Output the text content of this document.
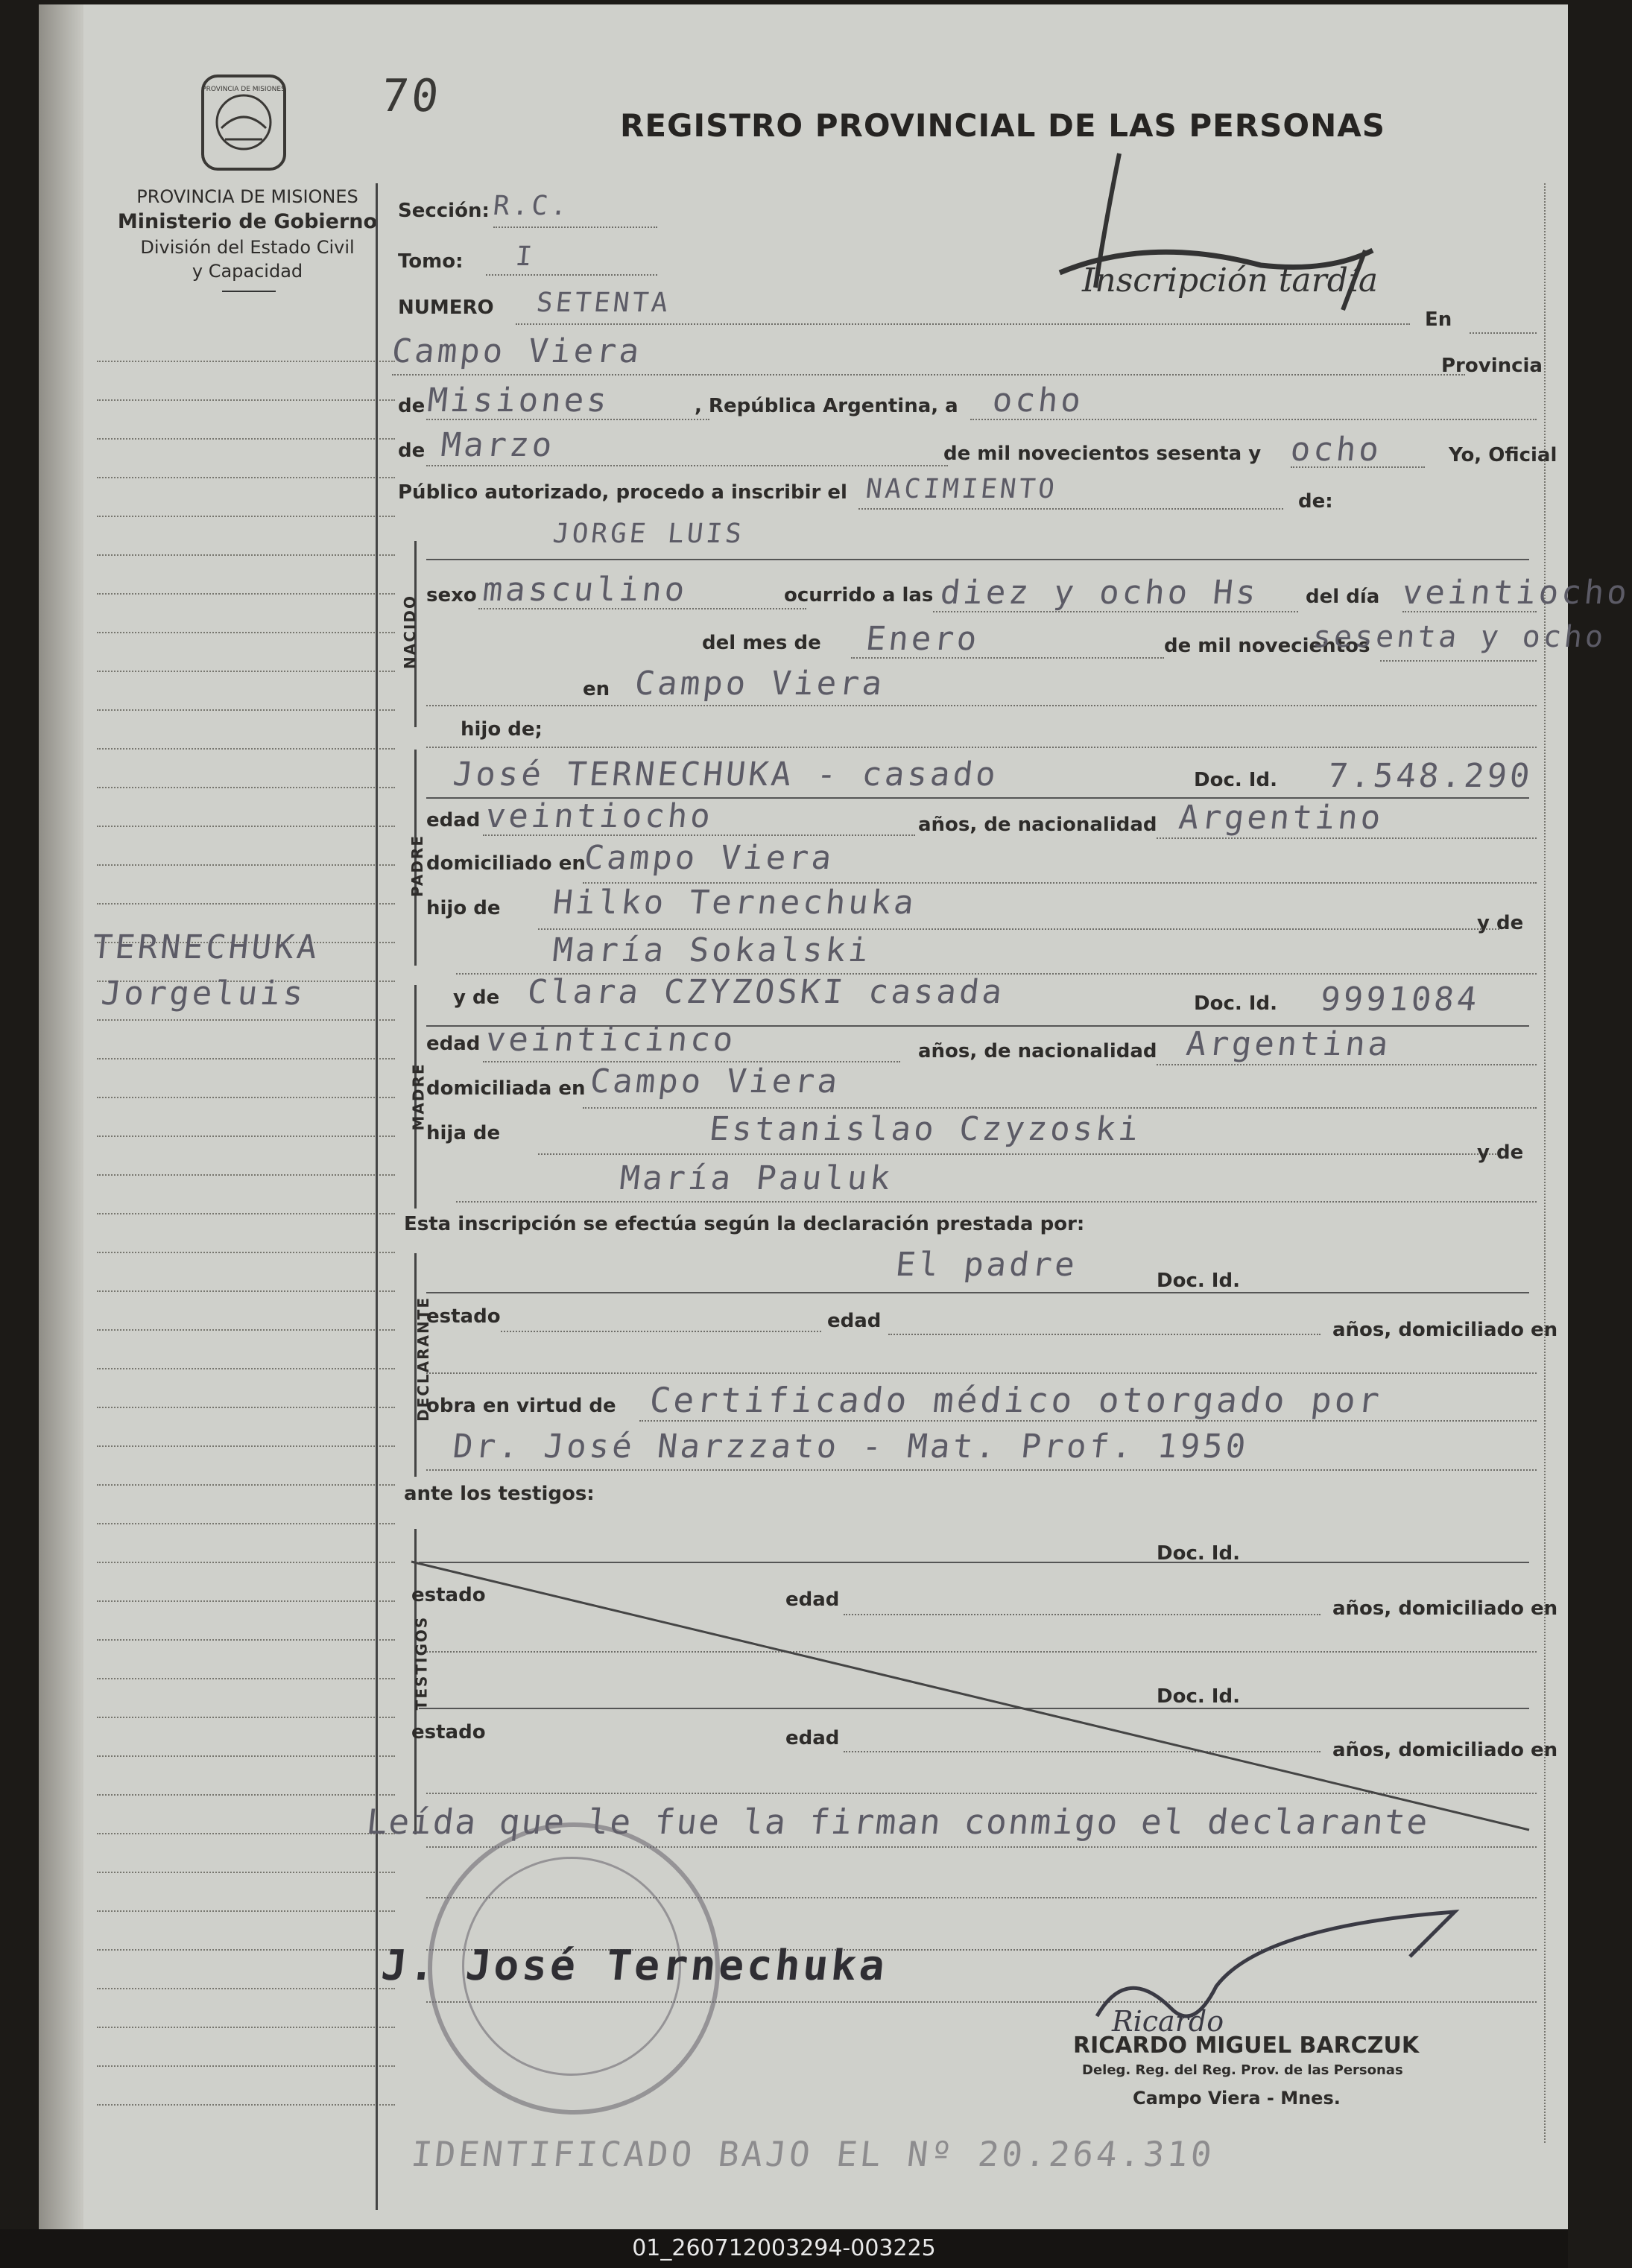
PROVINCIA DE MISIONES 70
REGISTRO PROVINCIAL DE LAS PERSONAS
PROVINCIA DE MISIONES
Ministerio de Gobierno
División del Estado Civil
y Capacidad
TERNECHUKA
Jorgeluis
Sección: R.C.
Tomo: I
Inscripción tardía
NUMERO SETENTA
En
Campo Viera	Provincia
de Misiones	, República Argentina, a ocho
de Marzo	de mil novecientos sesenta y ocho	Yo, Oficial
Público autorizado, procedo a inscribir el NACIMIENTO	de:
NACIDO
JORGE LUIS
sexo masculino	ocurrido a las diez y ocho Hs del día veintiocho
del mes de Enero	de mil novecientos
sesenta y ocho
en Campo Viera
hijo de;
PADRE
José TERNECHUKA - casado	Doc. Id. 7.548.290
edad veintiocho	años, de nacionalidad Argentino
domiciliado en
Campo Viera
hijo de Hilko Ternechuka
y de
María Sokalski
MADRE
y de Clara CZYZOSKI casada	Doc. Id. 9991084
edad veinticinco	años, de nacionalidad Argentina
domiciliada en Campo Viera
hija de	Estanislao Czyzoski
y de
María Pauluk
Esta inscripción se efectúa según la declaración prestada por:
DECLARANTE
El padre	Doc. Id.
estado	edad	años, domiciliado en
obra en virtud de Certificado médico otorgado por
Dr. José Narzzato - Mat. Prof. 1950
ante los testigos:
TESTIGOS
Doc. Id.
estado	edad	años, domiciliado en
Doc. Id.
estado	edad
años, domiciliado en
Leída que le fue la firman conmigo el declarante
J. José Ternechuka
Ricardo
RICARDO MIGUEL BARCZUK
Deleg. Reg. del Reg. Prov. de las Personas
Campo Viera - Mnes.
IDENTIFICADO BAJO EL Nº 20.264.310
01_260712003294-003225
